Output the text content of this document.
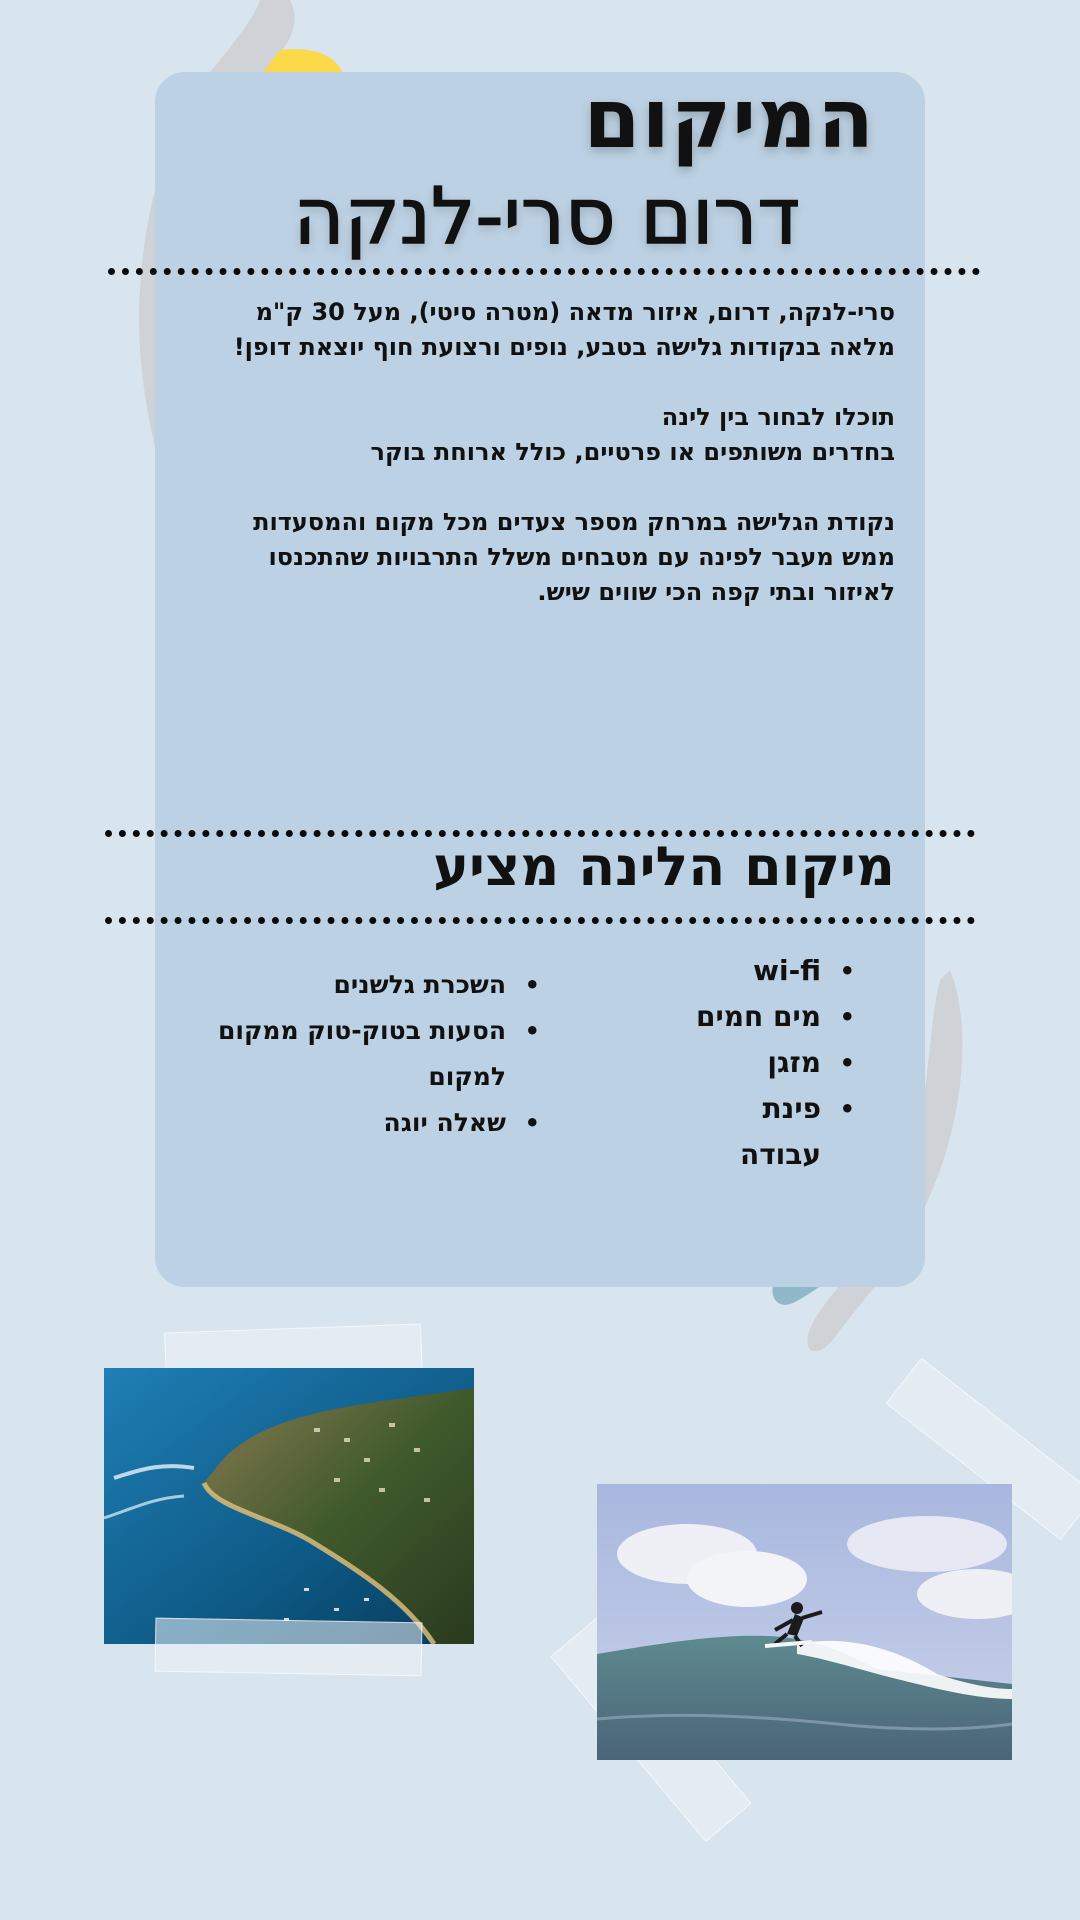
המיקום
דרום סרי-לנקה

סרי-לנקה, דרום, איזור מדאה (מטרה סיטי), מעל 30 ק"מ
מלאה בנקודות גלישה בטבע, נופים ורצועת חוף יוצאת דופן!

תוכלו לבחור בין לינה
בחדרים משותפים או פרטיים, כולל ארוחת בוקר

נקודת הגלישה במרחק מספר צעדים מכל מקום והמסעדות
ממש מעבר לפינה עם מטבחים משלל התרבויות שהתכנסו
לאיזור ובתי קפה הכי שווים שיש.

מיקום הלינה מציע
•
wi-fi
•
מים חמים
•
מזגן
•
פינת
עבודה
•
השכרת גלשנים
•
הסעות בטוק-טוק ממקום
למקום
•
שאלה יוגה
